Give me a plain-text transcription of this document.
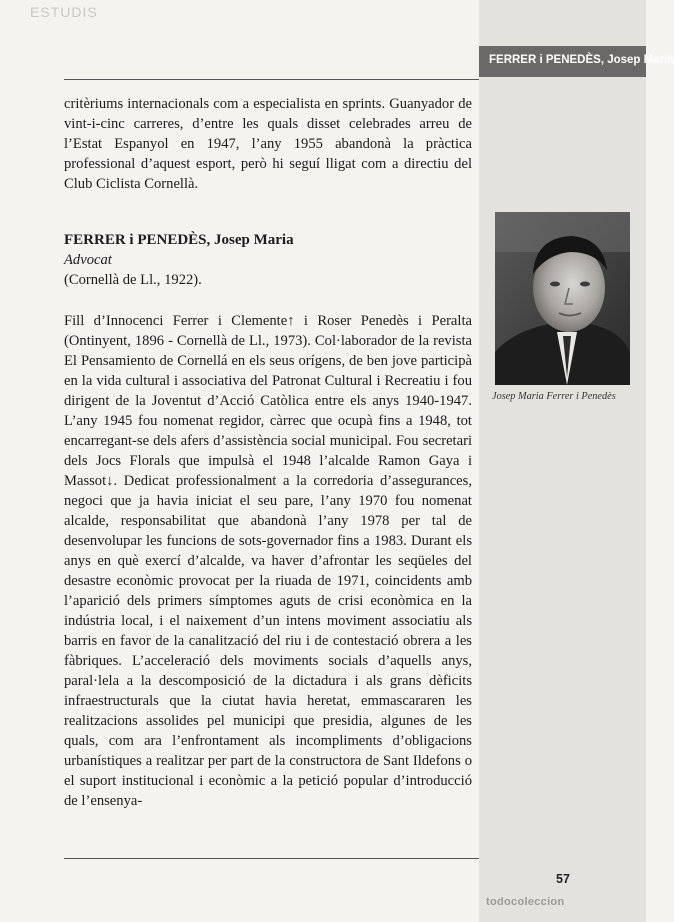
ESTUDIS
FERRER i PENEDÈS, Josep Maria
critèriums internacionals com a especialista en sprints. Guanyador de vint-i-cinc carreres, d’entre les quals disset celebrades arreu de l’Estat Espanyol en 1947, l’any 1955 abandonà la pràctica professional d’aquest esport, però hi seguí lligat com a directiu del Club Ciclista Cornellà.
FERRER i PENEDÈS, Josep Maria
Advocat
(Cornellà de Ll., 1922).
Fill d’Innocenci Ferrer i Clemente↑ i Roser Penedès i Peralta (Ontinyent, 1896 - Cornellà de Ll., 1973). Col·laborador de la revista El Pensamiento de Cornellá en els seus orígens, de ben jove participà en la vida cultural i associativa del Patronat Cultural i Recreatiu i fou dirigent de la Joventut d’Acció Catòlica entre els anys 1940-1947. L’any 1945 fou nomenat regidor, càrrec que ocupà fins a 1948, tot encarregant-se dels afers d’assistència social municipal. Fou secretari dels Jocs Florals que impulsà el 1948 l’alcalde Ramon Gaya i Massot↓. Dedicat professionalment a la corredoria d’assegurances, negoci que ja havia iniciat el seu pare, l’any 1970 fou nomenat alcalde, responsabilitat que abandonà l’any 1978 per tal de desenvolupar les funcions de sots-governador fins a 1983. Durant els anys en què exercí d’alcalde, va haver d’afrontar les seqüeles del desastre econòmic provocat per la riuada de 1971, coincidents amb l’aparició dels primers símptomes aguts de crisi econòmica en la indústria local, i el naixement d’un intens moviment associatiu als barris en favor de la canalització del riu i de contestació obrera a les fàbriques. L’acceleració dels moviments socials d’aquells anys, paral·lela a la descomposició de la dictadura i als grans dèficits infraestructurals que la ciutat havia heretat, emmascararen les realitzacions assolides pel municipi que presidia, algunes de les quals, com ara l’enfrontament als incompliments d’obligacions urbanístiques a realitzar per part de la constructora de Sant Ildefons o el suport institucional i econòmic a la petició popular d’introducció de l’ensenya-
Josep Maria Ferrer i Penedès
57
todocoleccion
